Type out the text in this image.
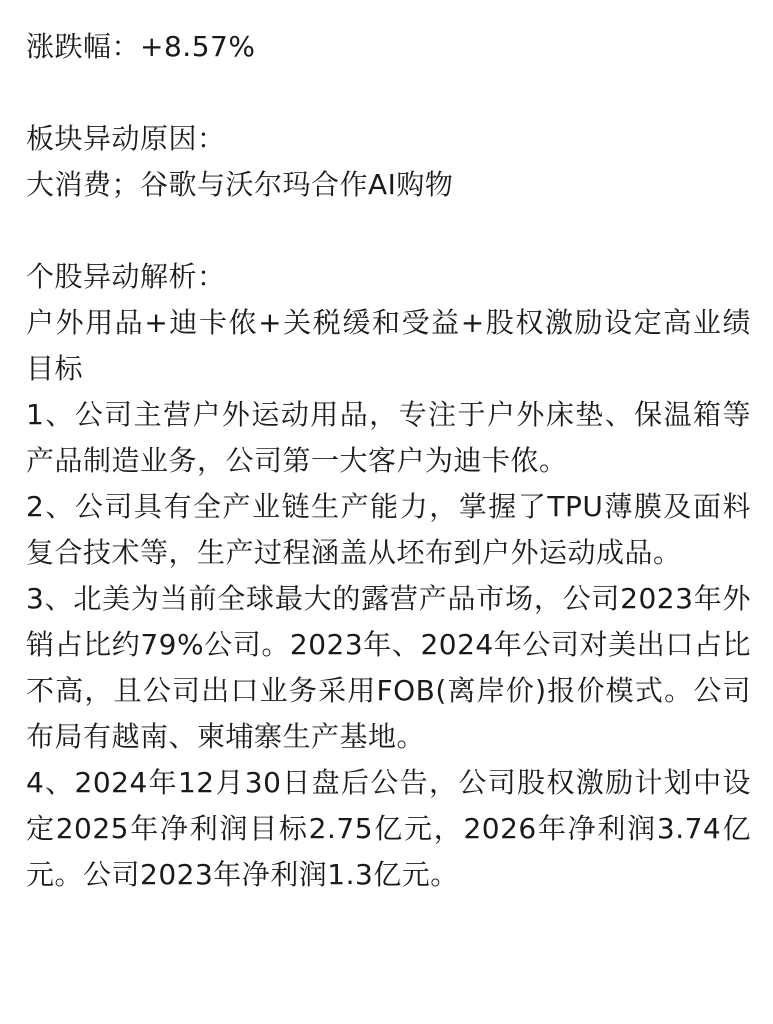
涨跌幅：+8.57%
板块异动原因：
大消费；谷歌与沃尔玛合作AI购物
个股异动解析：
户外用品+迪卡侬+关税缓和受益+股权激励设定高业绩目标
1、公司主营户外运动用品，专注于户外床垫、保温箱等产品制造业务，公司第一大客户为迪卡侬。
2、公司具有全产业链生产能力，掌握了TPU薄膜及面料复合技术等，生产过程涵盖从坯布到户外运动成品。
3、北美为当前全球最大的露营产品市场，公司2023年外销占比约79%公司。2023年、2024年公司对美出口占比不高，且公司出口业务采用FOB(离岸价)报价模式。公司布局有越南、柬埔寨生产基地。
4、2024年12月30日盘后公告，公司股权激励计划中设定2025年净利润目标2.75亿元，2026年净利润3.74亿元。公司2023年净利润1.3亿元。
